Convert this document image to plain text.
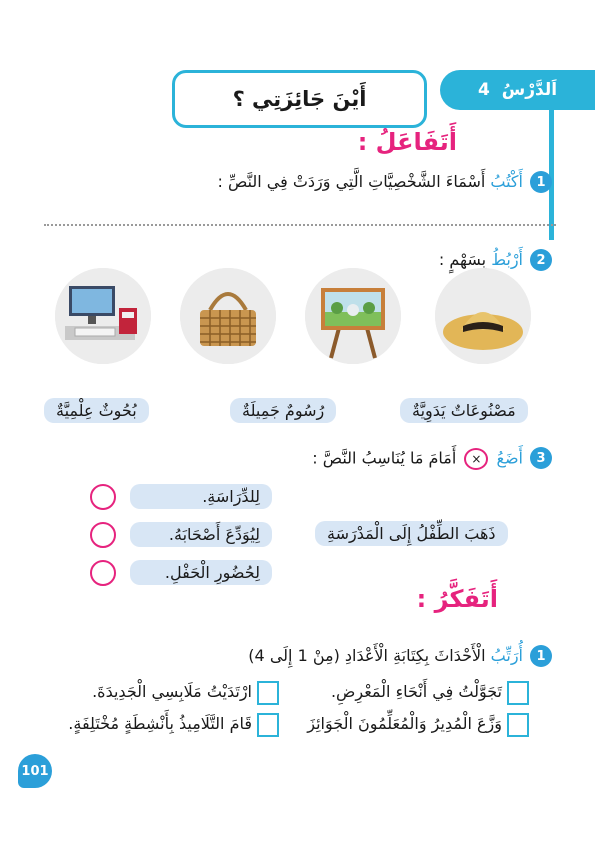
اَلدَّرْسُ
4
أَيْنَ جَائِزَتِي ؟
أَتَفَاعَلُ :
1
أَكْتُبُ أَسْمَاءَ الشَّخْصِيَّاتِ الَّتِي وَرَدَتْ فِي النَّصِّ :
2
أَرْبُطُ بِسَهْمٍ :
مَصْنُوعَاتٌ يَدَوِيَّةٌ
رُسُومٌ جَمِيلَةٌ
بُحُوثٌ عِلْمِيَّةٌ
3
أَضَعُ × أَمَامَ مَا يُنَاسِبُ النَّصَّ :
ذَهَبَ الطِّفْلُ إِلَى الْمَدْرَسَةِ
لِلدِّرَاسَةِ.
لِيُوَدِّعَ أَصْحَابَهُ.
لِحُضُورِ الْحَفْلِ.
أَتَفَكَّرُ :
1
أُرَتِّبُ الْأَحْدَاثَ بِكِتَابَةِ الْأَعْدَادِ (مِنْ 1 إِلَى 4)
تَجَوَّلْتُ فِي أَنْحَاءِ الْمَعْرِضِ.
ارْتَدَيْتُ مَلَابِسِي الْجَدِيدَةَ.
وَزَّعَ الْمُدِيرُ وَالْمُعَلِّمُونَ الْجَوَائِزَ
قَامَ التَّلَامِيذُ بِأَنْشِطَةٍ مُخْتَلِفَةٍ.
101
